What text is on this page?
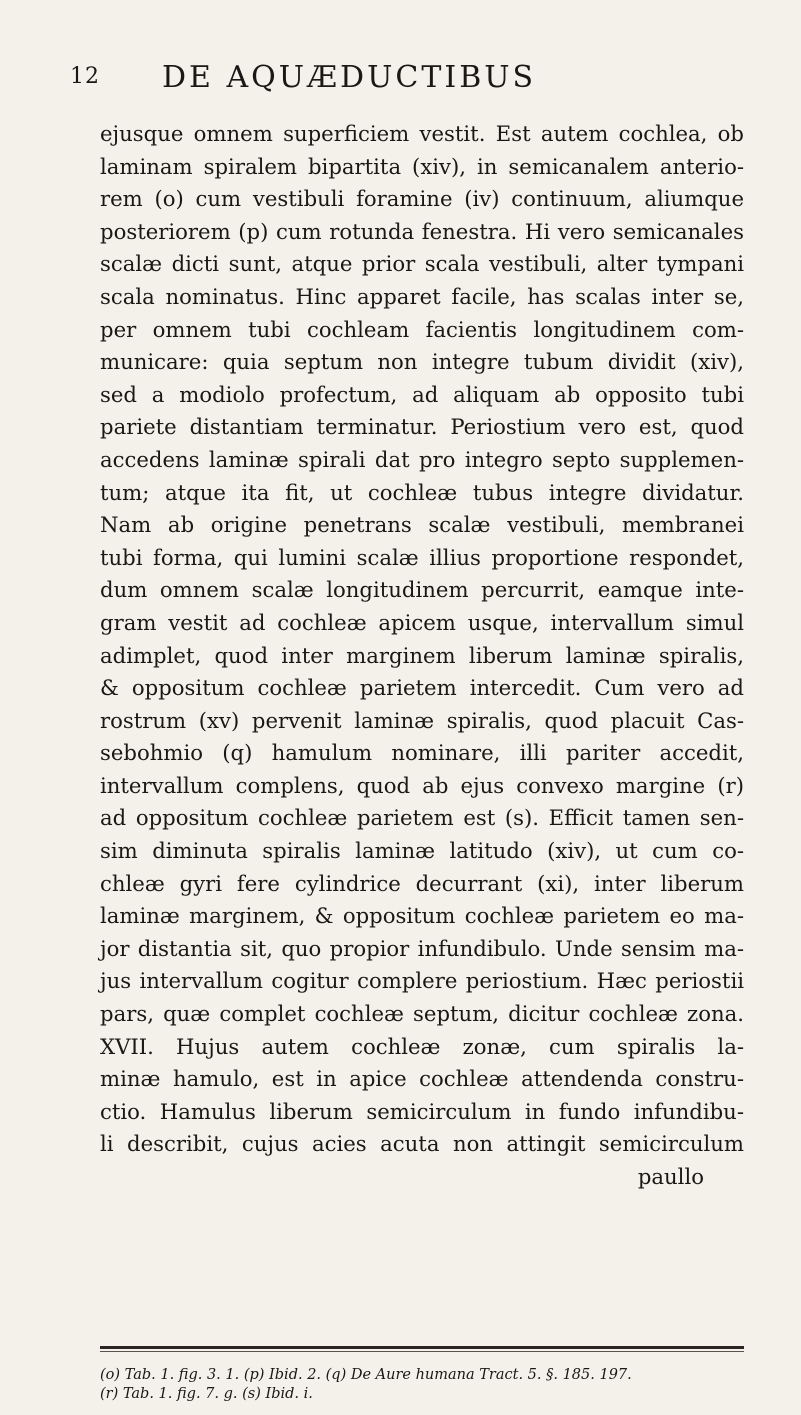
12 DE AQUÆDUCTIBUS
ejusque omnem superficiem vestit. Est autem cochlea, ob
laminam spiralem bipartita (xiv), in semicanalem anterio-
rem (o) cum vestibuli foramine (iv) continuum, aliumque
posteriorem (p) cum rotunda fenestra. Hi vero semicanales
scalæ dicti sunt, atque prior scala vestibuli, alter tympani
scala nominatus. Hinc apparet facile, has scalas inter se,
per omnem tubi cochleam facientis longitudinem com-
municare: quia septum non integre tubum dividit (xiv),
sed a modiolo profectum, ad aliquam ab opposito tubi
pariete distantiam terminatur. Periostium vero est, quod
accedens laminæ spirali dat pro integro septo supplemen-
tum; atque ita fit, ut cochleæ tubus integre dividatur.
Nam ab origine penetrans scalæ vestibuli, membranei
tubi forma, qui lumini scalæ illius proportione respondet,
dum omnem scalæ longitudinem percurrit, eamque inte-
gram vestit ad cochleæ apicem usque, intervallum simul
adimplet, quod inter marginem liberum laminæ spiralis,
& oppositum cochleæ parietem intercedit. Cum vero ad
rostrum (xv) pervenit laminæ spiralis, quod placuit Cas-
sebohmio (q) hamulum nominare, illi pariter accedit,
intervallum complens, quod ab ejus convexo margine (r)
ad oppositum cochleæ parietem est (s). Efficit tamen sen-
sim diminuta spiralis laminæ latitudo (xiv), ut cum co-
chleæ gyri fere cylindrice decurrant (xi), inter liberum
laminæ marginem, & oppositum cochleæ parietem eo ma-
jor distantia sit, quo propior infundibulo. Unde sensim ma-
jus intervallum cogitur complere periostium. Hæc periostii
pars, quæ complet cochleæ septum, dicitur cochleæ zona.
XVII. Hujus autem cochleæ zonæ, cum spiralis la-
minæ hamulo, est in apice cochleæ attendenda constru-
ctio. Hamulus liberum semicirculum in fundo infundibu-
li describit, cujus acies acuta non attingit semicirculum
paullo
(o) Tab. 1. fig. 3. 1. (p) Ibid. 2. (q) De Aure humana Tract. 5. §. 185. 197.
(r) Tab. 1. fig. 7. g. (s) Ibid. i.
